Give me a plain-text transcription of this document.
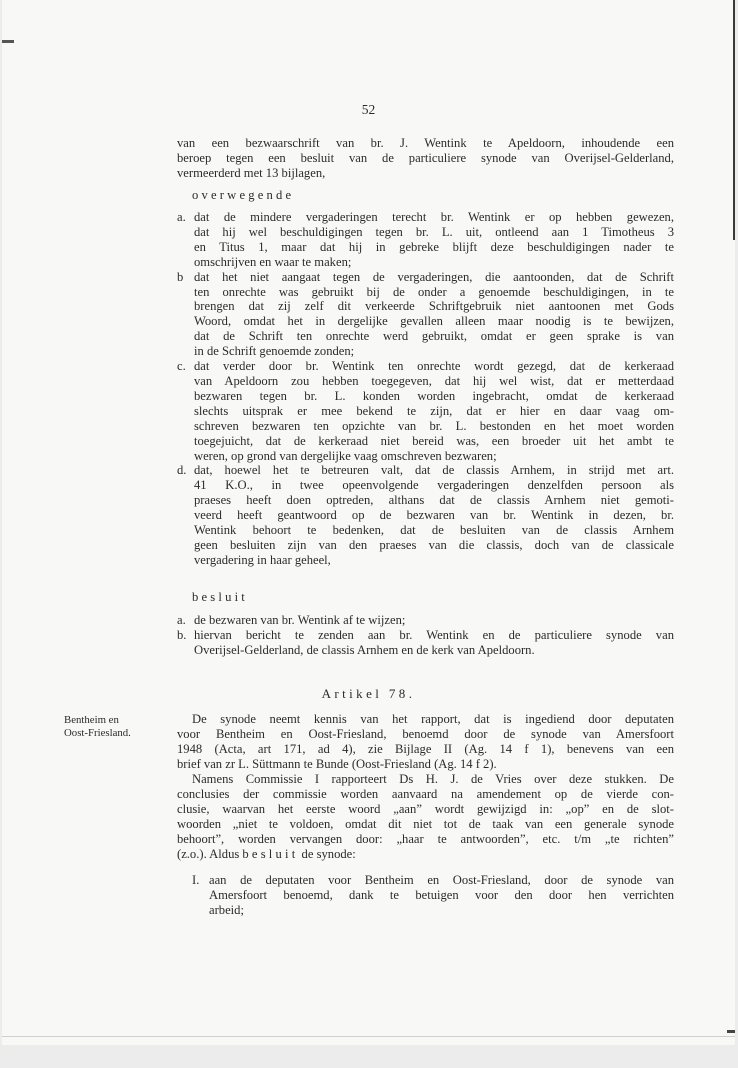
52
van een bezwaarschrift van br. J. Wentink te Apeldoorn, inhoudende een
beroep tegen een besluit van de particuliere synode van Overijsel-Gelderland,
vermeerderd met 13 bijlagen,
overwegende
a. dat de mindere vergaderingen terecht br. Wentink er op hebben gewezen,
dat hij wel beschuldigingen tegen br. L. uit, ontleend aan 1 Timotheus 3
en Titus 1, maar dat hij in gebreke blijft deze beschuldigingen nader te
omschrijven en waar te maken;
b dat het niet aangaat tegen de vergaderingen, die aantoonden, dat de Schrift
ten onrechte was gebruikt bij de onder a genoemde beschuldigingen, in te
brengen dat zij zelf dit verkeerde Schriftgebruik niet aantoonen met Gods
Woord, omdat het in dergelijke gevallen alleen maar noodig is te bewijzen,
dat de Schrift ten onrechte werd gebruikt, omdat er geen sprake is van
in de Schrift genoemde zonden;
c. dat verder door br. Wentink ten onrechte wordt gezegd, dat de kerkeraad
van Apeldoorn zou hebben toegegeven, dat hij wel wist, dat er metterdaad
bezwaren tegen br. L. konden worden ingebracht, omdat de kerkeraad
slechts uitsprak er mee bekend te zijn, dat er hier en daar vaag om-
schreven bezwaren ten opzichte van br. L. bestonden en het moet worden
toegejuicht, dat de kerkeraad niet bereid was, een broeder uit het ambt te
weren, op grond van dergelijke vaag omschreven bezwaren;
d. dat, hoewel het te betreuren valt, dat de classis Arnhem, in strijd met art.
41 K.O., in twee opeenvolgende vergaderingen denzelfden persoon als
praeses heeft doen optreden, althans dat de classis Arnhem niet gemoti-
veerd heeft geantwoord op de bezwaren van br. Wentink in dezen, br.
Wentink behoort te bedenken, dat de besluiten van de classis Arnhem
geen besluiten zijn van den praeses van die classis, doch van de classicale
vergadering in haar geheel,
besluit
a. de bezwaren van br. Wentink af te wijzen;
b. hiervan bericht te zenden aan br. Wentink en de particuliere synode van
Overijsel-Gelderland, de classis Arnhem en de kerk van Apeldoorn.
Artikel 78.
Bentheim en
Oost-Friesland.
De synode neemt kennis van het rapport, dat is ingediend door deputaten
voor Bentheim en Oost-Friesland, benoemd door de synode van Amersfoort
1948 (Acta, art 171, ad 4), zie Bijlage II (Ag. 14 f 1), benevens van een
brief van zr L. Süttmann te Bunde (Oost-Friesland (Ag. 14 f 2).
Namens Commissie I rapporteert Ds H. J. de Vries over deze stukken. De
conclusies der commissie worden aanvaard na amendement op de vierde con-
clusie, waarvan het eerste woord „aan” wordt gewijzigd in: „op” en de slot-
woorden „niet te voldoen, omdat dit niet tot de taak van een generale synode
behoort”, worden vervangen door: „haar te antwoorden”, etc. t/m „te richten”
(z.o.). Aldus besluit de synode:
I. aan de deputaten voor Bentheim en Oost-Friesland, door de synode van
Amersfoort benoemd, dank te betuigen voor den door hen verrichten
arbeid;
